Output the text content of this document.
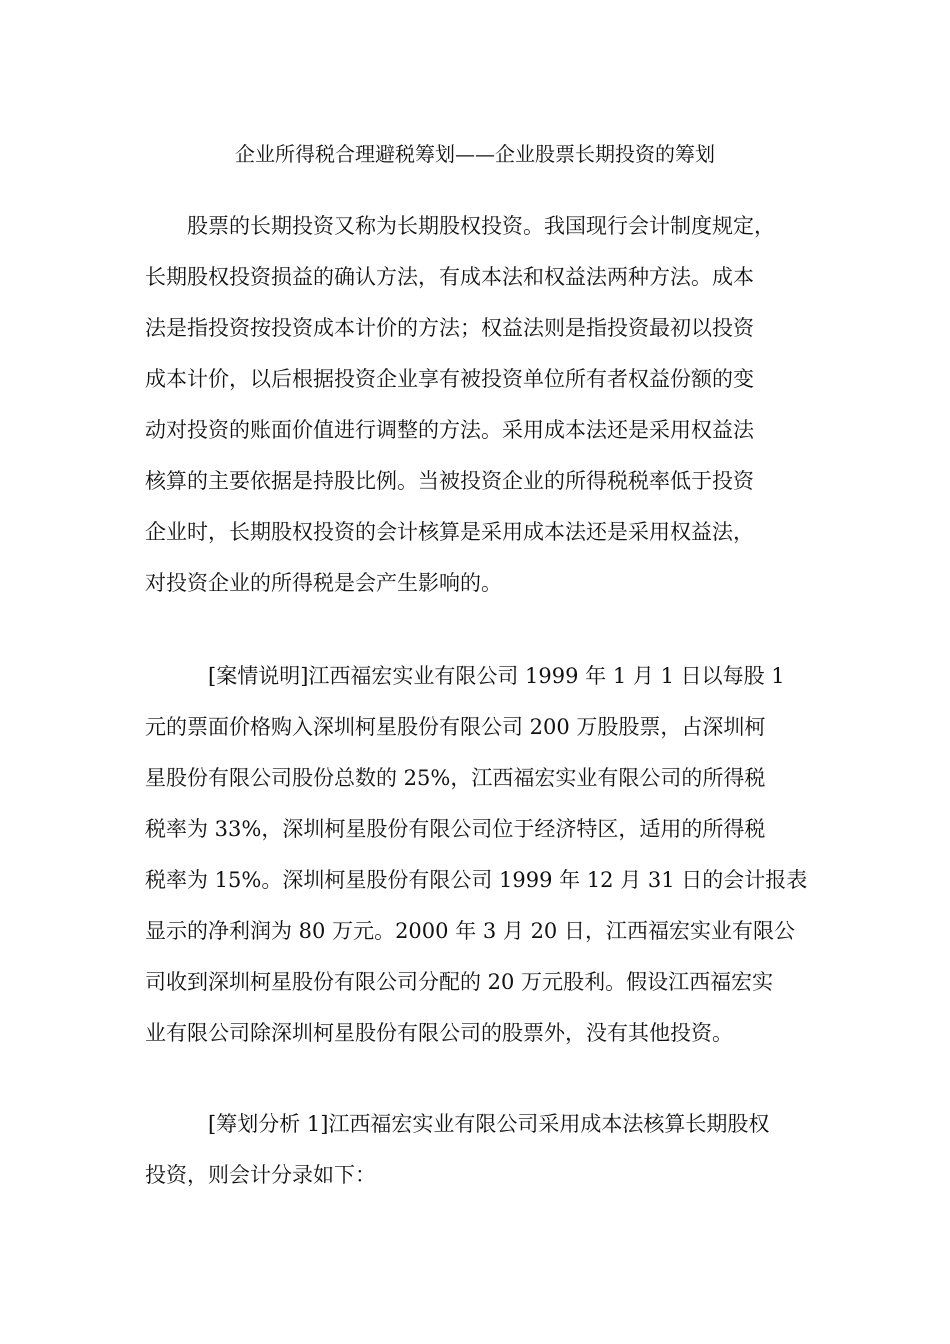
企业所得税合理避税筹划——企业股票长期投资的筹划
　　股票的长期投资又称为长期股权投资。我国现行会计制度规定，
长期股权投资损益的确认方法，有成本法和权益法两种方法。成本
法是指投资按投资成本计价的方法；权益法则是指投资最初以投资
成本计价，以后根据投资企业享有被投资单位所有者权益份额的变
动对投资的账面价值进行调整的方法。采用成本法还是采用权益法
核算的主要依据是持股比例。当被投资企业的所得税税率低于投资
企业时，长期股权投资的会计核算是采用成本法还是采用权益法，
对投资企业的所得税是会产生影响的。
　　　[案情说明]江西福宏实业有限公司 1999 年 1 月 1 日以每股 1
元的票面价格购入深圳柯星股份有限公司 200 万股股票，占深圳柯
星股份有限公司股份总数的 25%，江西福宏实业有限公司的所得税
税率为 33%，深圳柯星股份有限公司位于经济特区，适用的所得税
税率为 15%。深圳柯星股份有限公司 1999 年 12 月 31 日的会计报表
显示的净利润为 80 万元。2000 年 3 月 20 日，江西福宏实业有限公
司收到深圳柯星股份有限公司分配的 20 万元股利。假设江西福宏实
业有限公司除深圳柯星股份有限公司的股票外，没有其他投资。
　　　[筹划分析 1]江西福宏实业有限公司采用成本法核算长期股权
投资，则会计分录如下：
